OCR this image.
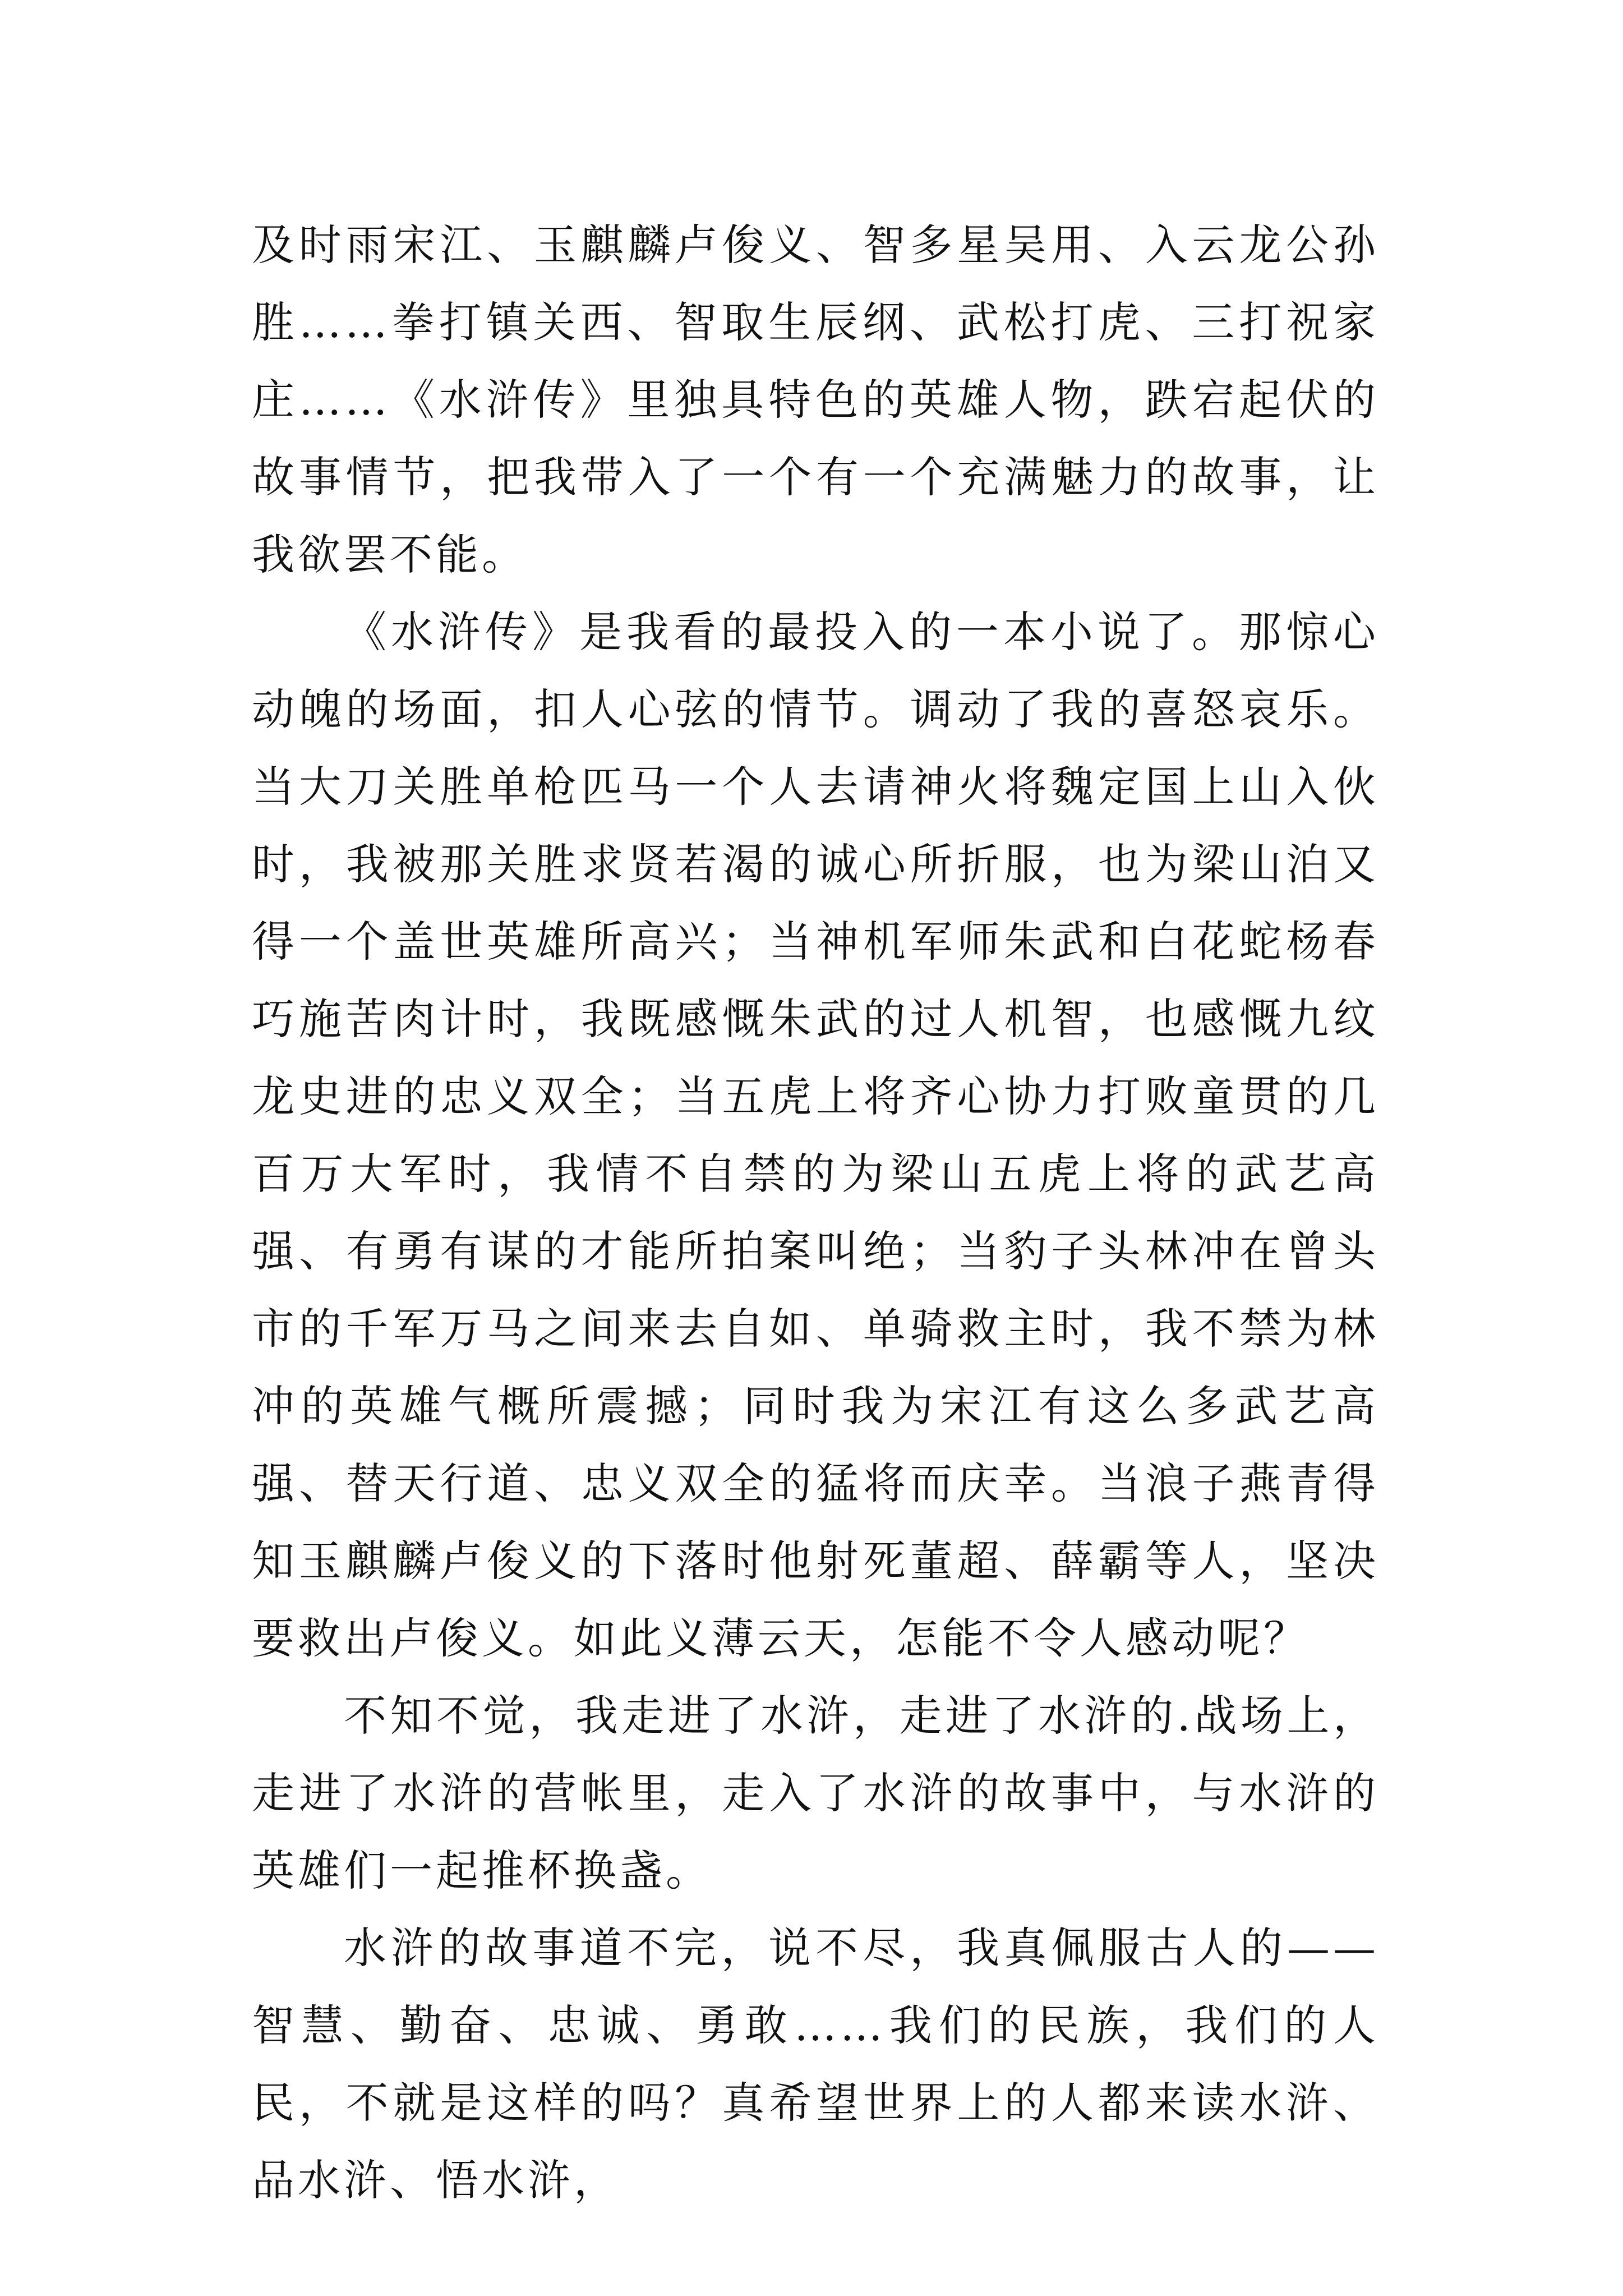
及时雨宋江、玉麒麟卢俊义、智多星吴用、入云龙公孙胜……拳打镇关西、智取生辰纲、武松打虎、三打祝家庄……《水浒传》里独具特色的英雄人物，跌宕起伏的故事情节，把我带入了一个有一个充满魅力的故事，让我欲罢不能。

《水浒传》是我看的最投入的一本小说了。那惊心动魄的场面，扣人心弦的情节。调动了我的喜怒哀乐。当大刀关胜单枪匹马一个人去请神火将魏定国上山入伙时，我被那关胜求贤若渴的诚心所折服，也为梁山泊又得一个盖世英雄所高兴；当神机军师朱武和白花蛇杨春巧施苦肉计时，我既感慨朱武的过人机智，也感慨九纹龙史进的忠义双全；当五虎上将齐心协力打败童贯的几百万大军时，我情不自禁的为梁山五虎上将的武艺高强、有勇有谋的才能所拍案叫绝；当豹子头林冲在曾头市的千军万马之间来去自如、单骑救主时，我不禁为林冲的英雄气概所震撼；同时我为宋江有这么多武艺高强、替天行道、忠义双全的猛将而庆幸。当浪子燕青得知玉麒麟卢俊义的下落时他射死董超、薛霸等人，坚决要救出卢俊义。如此义薄云天，怎能不令人感动呢？

不知不觉，我走进了水浒，走进了水浒的.战场上，走进了水浒的营帐里，走入了水浒的故事中，与水浒的英雄们一起推杯换盏。

水浒的故事道不完，说不尽，我真佩服古人的——智慧、勤奋、忠诚、勇敢……我们的民族，我们的人民，不就是这样的吗？真希望世界上的人都来读水浒、品水浒、悟水浒，
